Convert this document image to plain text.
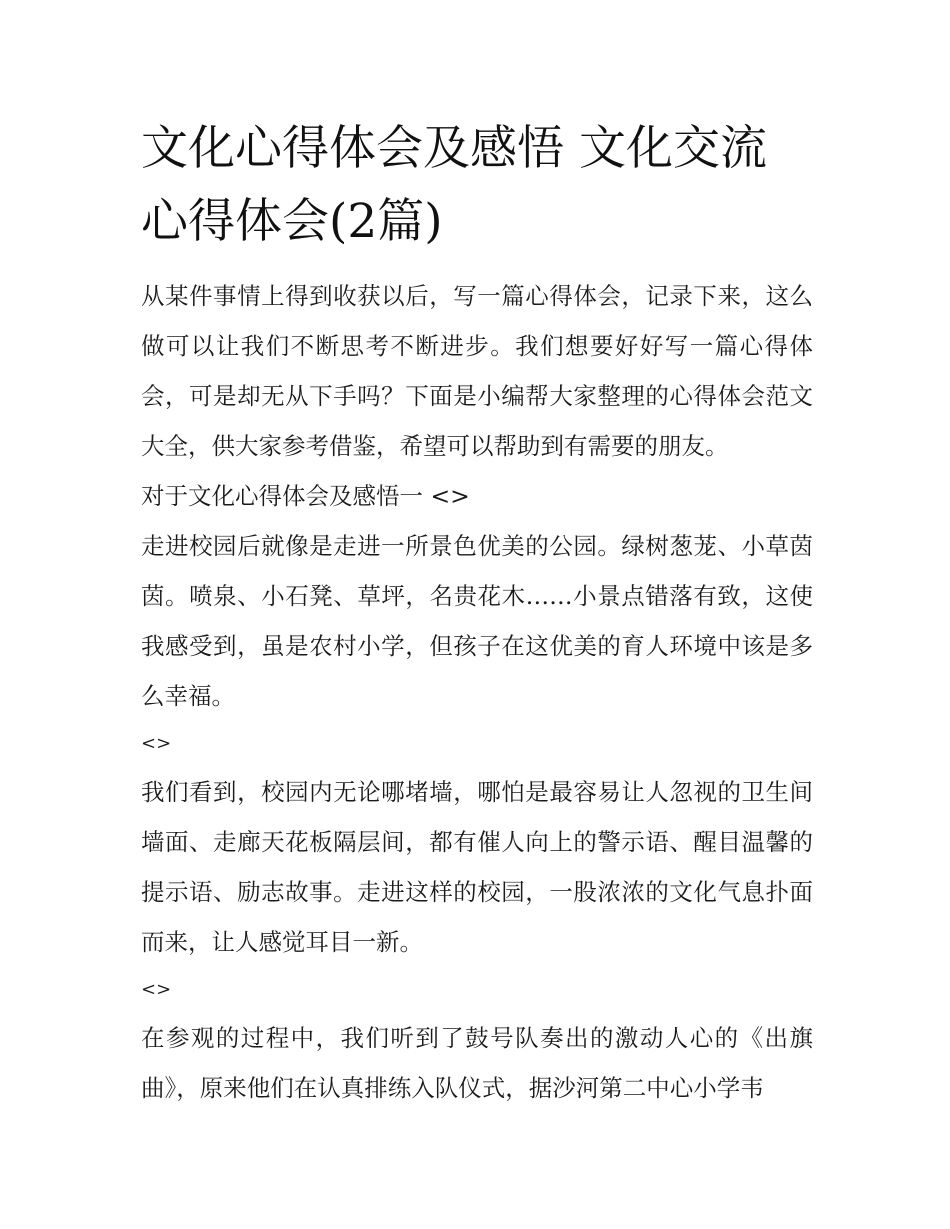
文化心得体会及感悟 文化交流心得体会(2篇)

从某件事情上得到收获以后，写一篇心得体会，记录下来，这么做可以让我们不断思考不断进步。我们想要好好写一篇心得体会，可是却无从下手吗？下面是小编帮大家整理的心得体会范文大全，供大家参考借鉴，希望可以帮助到有需要的朋友。

对于文化心得体会及感悟一 <>

走进校园后就像是走进一所景色优美的公园。绿树葱茏、小草茵茵。喷泉、小石凳、草坪，名贵花木……小景点错落有致，这使我感受到，虽是农村小学，但孩子在这优美的育人环境中该是多么幸福。

<>

我们看到，校园内无论哪堵墙，哪怕是最容易让人忽视的卫生间墙面、走廊天花板隔层间，都有催人向上的警示语、醒目温馨的提示语、励志故事。走进这样的校园，一股浓浓的文化气息扑面而来，让人感觉耳目一新。

<>

在参观的过程中，我们听到了鼓号队奏出的激动人心的《出旗曲》，原来他们在认真排练入队仪式，据沙河第二中心小学韦
